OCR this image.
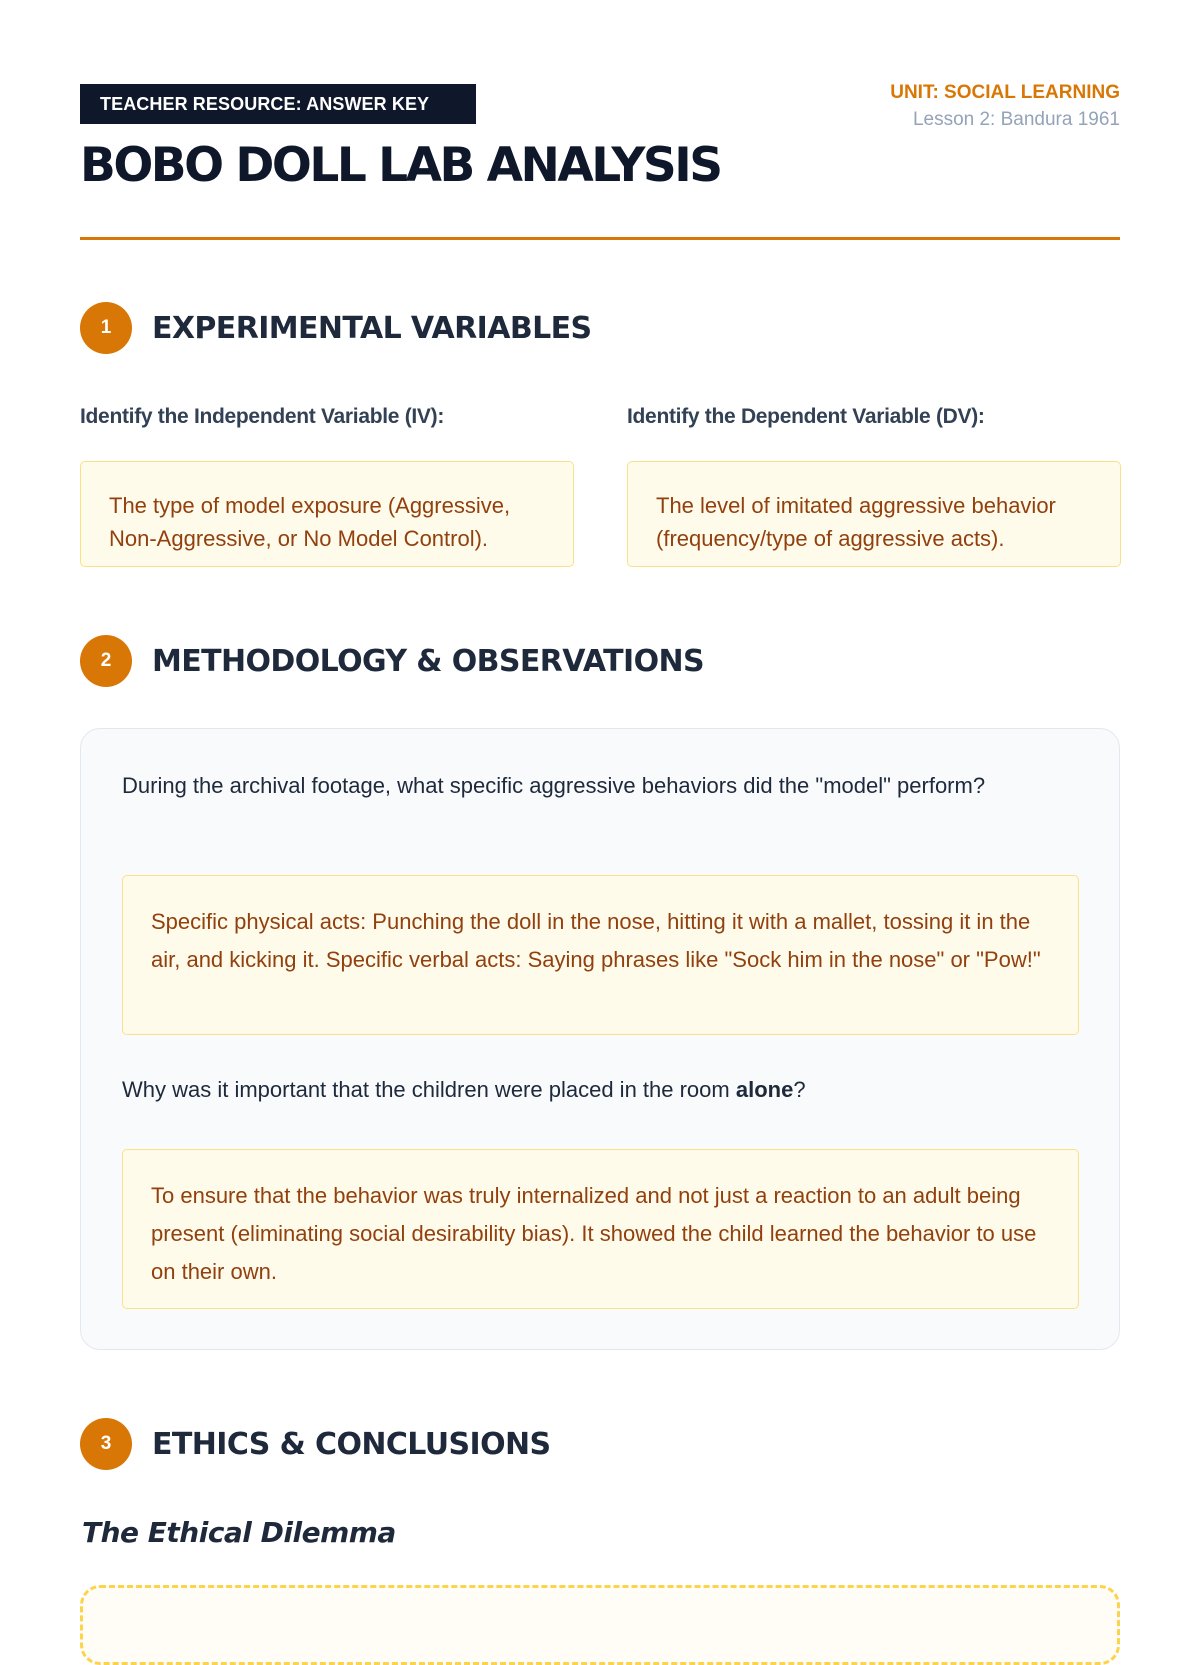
TEACHER RESOURCE: ANSWER KEY
BOBO DOLL LAB ANALYSIS
UNIT: SOCIAL LEARNING
Lesson 2: Bandura 1961
1	EXPERIMENTAL VARIABLES
Identify the Independent Variable (IV):
The type of model exposure (Aggressive, Non-Aggressive, or No Model Control).
Identify the Dependent Variable (DV):
The level of imitated aggressive behavior (frequency/type of aggressive acts).
2	METHODOLOGY & OBSERVATIONS
During the archival footage, what specific aggressive behaviors did the "model" perform?
Specific physical acts: Punching the doll in the nose, hitting it with a mallet, tossing it in the air, and kicking it. Specific verbal acts: Saying phrases like "Sock him in the nose" or "Pow!"
Why was it important that the children were placed in the room alone?
To ensure that the behavior was truly internalized and not just a reaction to an adult being present (eliminating social desirability bias). It showed the child learned the behavior to use on their own.
3	ETHICS & CONCLUSIONS
The Ethical Dilemma
